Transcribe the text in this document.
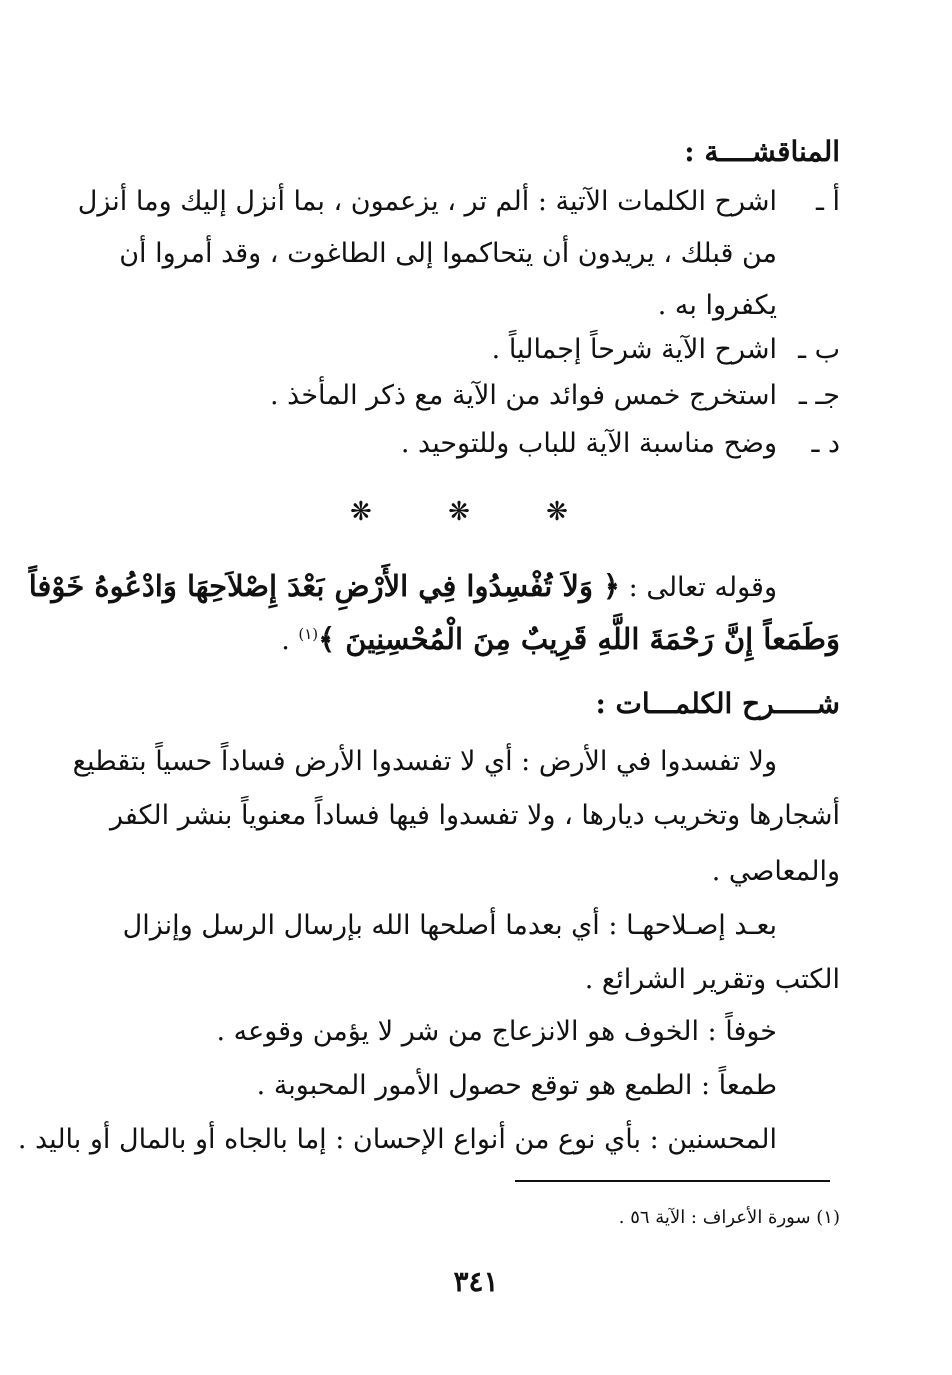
المناقشــــة :
أ ـ
اشرح الكلمات الآتية : ألم تر ، يزعمون ، بما أنزل إليك وما أنزل
من قبلك ، يريدون أن يتحاكموا إلى الطاغوت ، وقد أمروا أن
يكفروا به .
ب ـ
اشرح الآية شرحاً إجمالياً .
جـ ـ
استخرج خمس فوائد من الآية مع ذكر المأخذ .
د ـ
وضح مناسبة الآية للباب وللتوحيد .
❋ ❋ ❋
وقوله تعالى : ﴿ وَلاَ تُفْسِدُوا فِي الأَرْضِ بَعْدَ إِصْلاَحِهَا وَادْعُوهُ خَوْفاً
وَطَمَعاً إِنَّ رَحْمَةَ اللَّهِ قَرِيبٌ مِنَ الْمُحْسِنِينَ ﴾$^{(١)}$ .
شـــــرح الكلمـــات :
ولا تفسدوا في الأرض : أي لا تفسدوا الأرض فساداً حسياً بتقطيع
أشجارها وتخريب ديارها ، ولا تفسدوا فيها فساداً معنوياً بنشر الكفر
والمعاصي .
بعـد إصـلاحهـا : أي بعدما أصلحها الله بإرسال الرسل وإنزال
الكتب وتقرير الشرائع .
خوفاً : الخوف هو الانزعاج من شر لا يؤمن وقوعه .
طمعاً : الطمع هو توقع حصول الأمور المحبوبة .
المحسنين : بأي نوع من أنواع الإحسان : إما بالجاه أو بالمال أو باليد .
(١) سورة الأعراف : الآية ٥٦ .
٣٤١
